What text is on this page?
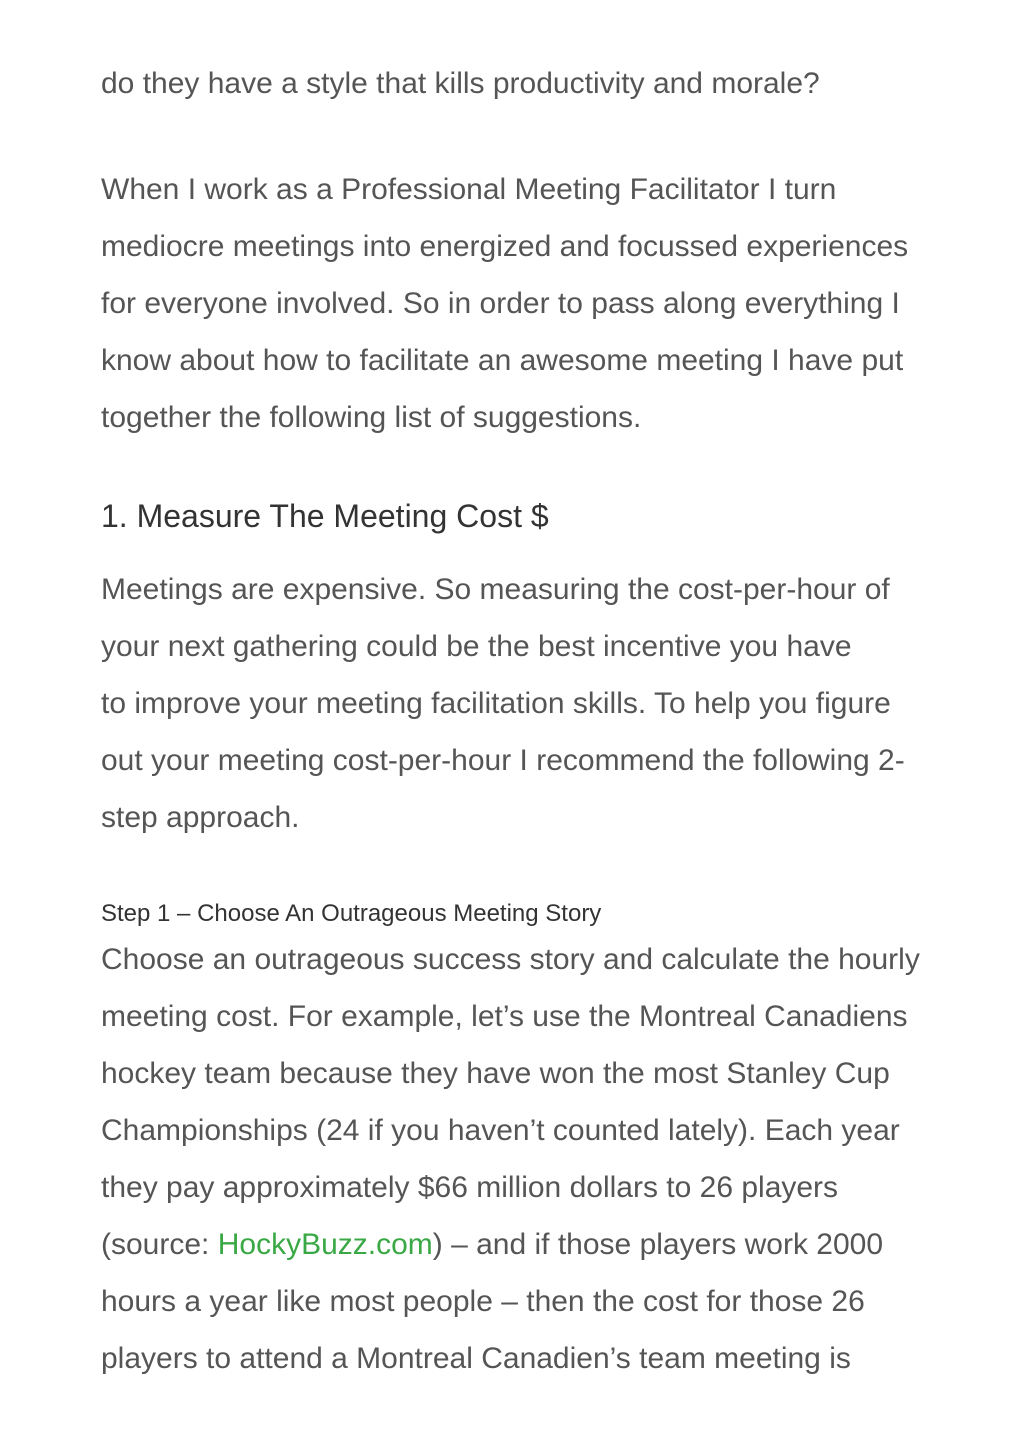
do they have a style that kills productivity and morale?

When I work as a Professional Meeting Facilitator I turn
mediocre meetings into energized and focussed experiences
for everyone involved. So in order to pass along everything I
know about how to facilitate an awesome meeting I have put
together the following list of suggestions.

1. Measure The Meeting Cost $

Meetings are expensive. So measuring the cost-per-hour of
your next gathering could be the best incentive you have
to improve your meeting facilitation skills. To help you figure
out your meeting cost-per-hour I recommend the following 2-
step approach.

Step 1 – Choose An Outrageous Meeting Story

Choose an outrageous success story and calculate the hourly
meeting cost. For example, let’s use the Montreal Canadiens
hockey team because they have won the most Stanley Cup
Championships (24 if you haven’t counted lately). Each year
they pay approximately $66 million dollars to 26 players
(source: HockyBuzz.com) – and if those players work 2000
hours a year like most people – then the cost for those 26
players to attend a Montreal Canadien’s team meeting is
